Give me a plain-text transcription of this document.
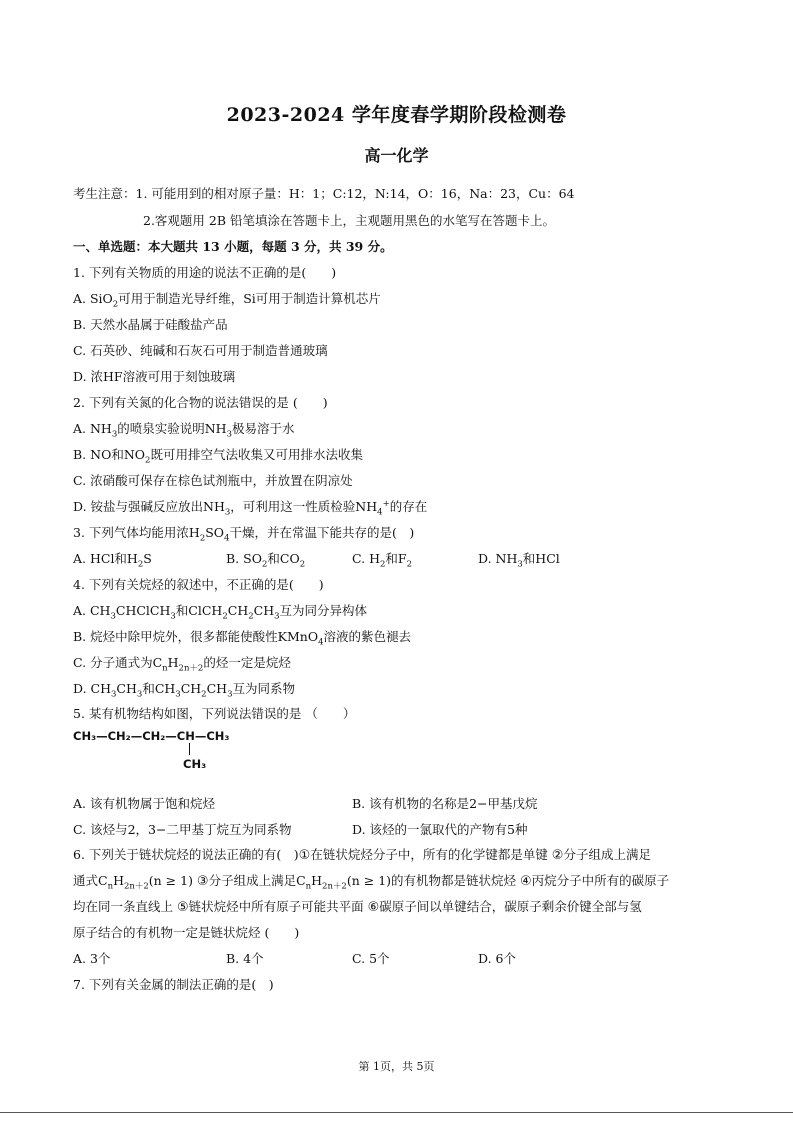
2023-2024 学年度春学期阶段检测卷
高一化学
考生注意：1. 可能用到的相对原子量：H：1；C:12，N:14，O：16，Na：23，Cu：64
2.客观题用 2B 铅笔填涂在答题卡上，主观题用黑色的水笔写在答题卡上。
一、单选题：本大题共 13 小题，每题 3 分，共 39 分。
1. 下列有关物质的用途的说法不正确的是(　　)
A. SiO$_2$可用于制造光导纤维，Si可用于制造计算机芯片
B. 天然水晶属于硅酸盐产品
C. 石英砂、纯碱和石灰石可用于制造普通玻璃
D. 浓HF溶液可用于刻蚀玻璃
2. 下列有关氮的化合物的说法错误的是 (　　)
A. $NH_3$的喷泉实验说明$NH_3$极易溶于水
B. NO和$NO_2$既可用排空气法收集又可用排水法收集
C. 浓硝酸可保存在棕色试剂瓶中，并放置在阴凉处
D. 铵盐与强碱反应放出$NH_3$，可利用这一性质检验$NH_4^+$的存在
3. 下列气体均能用浓$H_2SO_4$干燥，并在常温下能共存的是(　)
A. HCl和$H_2S$	B. $SO_2$和$CO_2$	C. $H_2$和$F_2$	D. $NH_3$和HCl
4. 下列有关烷烃的叙述中，不正确的是(　　)
A. $CH_3CHClCH_3$和$ClCH_2CH_2CH_3$互为同分异构体
B. 烷烃中除甲烷外，很多都能使酸性KMnO$_4$溶液的紫色褪去
C. 分子通式为$C_nH_{2n+2}$的烃一定是烷烃
D. $CH_3CH_3$和$CH_3CH_2CH_3$互为同系物
5. 某有机物结构如图，下列说法错误的是 （　　）
CH₃—CH₂—CH₂—CH—CH₃
CH₃
A. 该有机物属于饱和烷烃	B. 该有机物的名称是2−甲基戊烷
C. 该烃与2，3−二甲基丁烷互为同系物	D. 该烃的一氯取代的产物有5种
6. 下列关于链状烷烃的说法正确的有(　)①在链状烷烃分子中，所有的化学键都是单键 ②分子组成上满足
通式$C_nH_{2n+2}(n \ge 1)$ ③分子组成上满足$C_nH_{2n+2}(n \ge 1)$的有机物都是链状烷烃 ④丙烷分子中所有的碳原子
均在同一条直线上 ⑤链状烷烃中所有原子可能共平面 ⑥碳原子间以单键结合，碳原子剩余价键全部与氢
原子结合的有机物一定是链状烷烃 (　　)
A. 3个	B. 4个	C. 5个	D. 6个
7. 下列有关金属的制法正确的是(　)
第 1页，共 5页
